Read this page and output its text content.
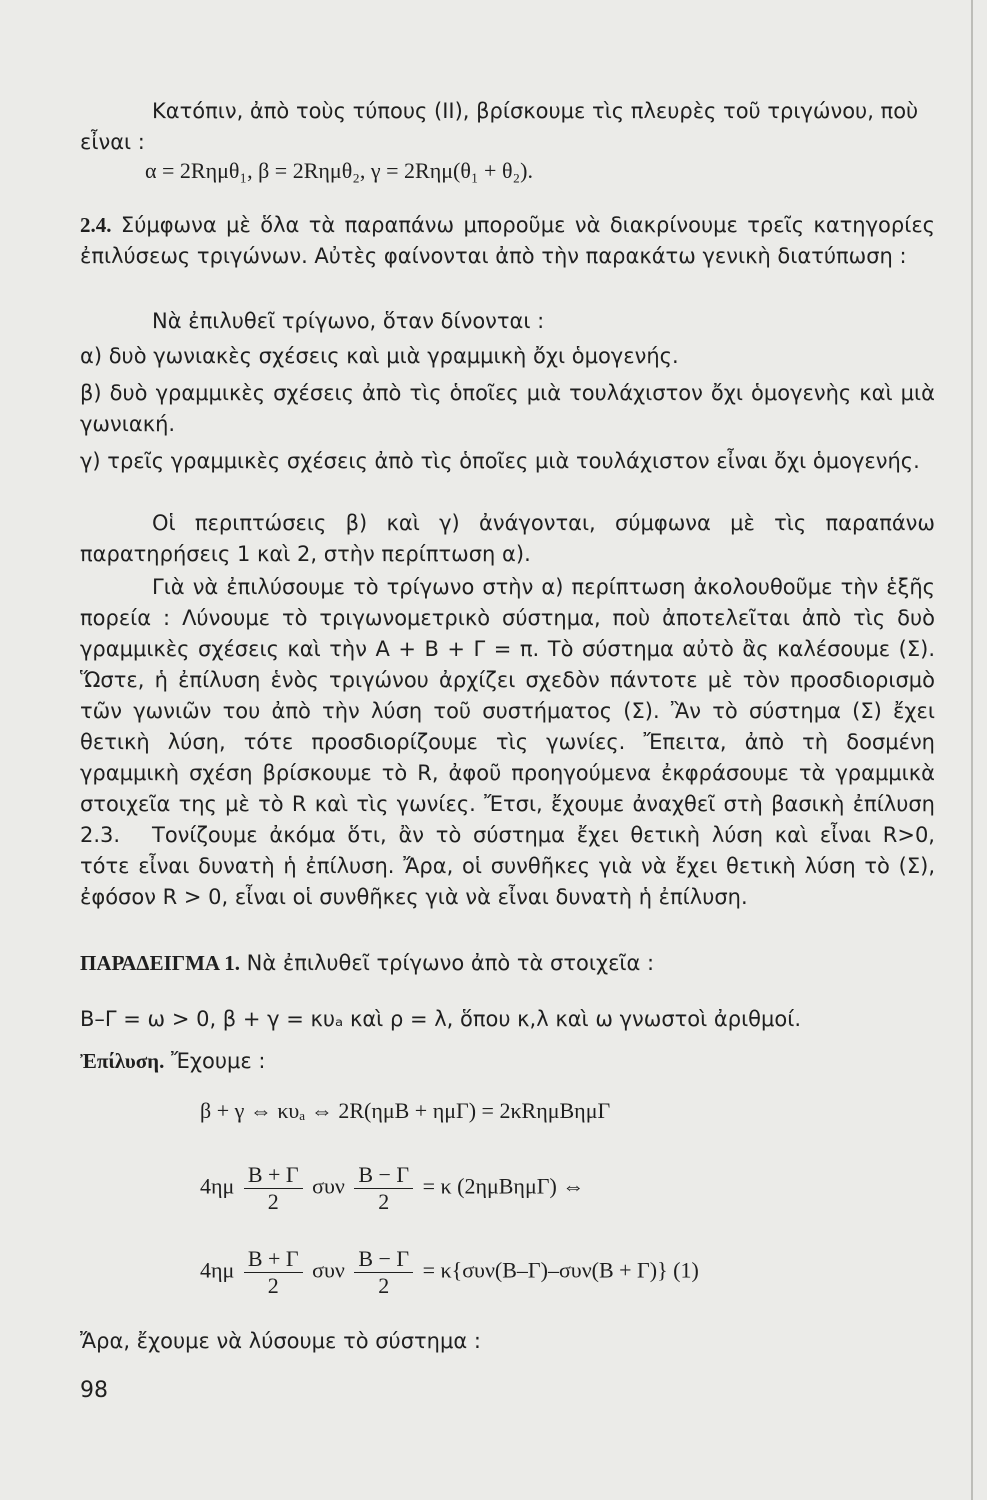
Κατόπιν, ἀπὸ τοὺς τύπους (II), βρίσκουμε τὶς πλευρὲς τοῦ τριγώνου, ποὺ

εἶναι :

α = 2Rημθ₁, β = 2Rημθ₂, γ = 2Rημ(θ₁ + θ₂).

2.4. Σύμφωνα μὲ ὅλα τὰ παραπάνω μποροῦμε νὰ διακρίνουμε τρεῖς κατηγορίες ἐπιλύσεως τριγώνων. Αὐτὲς φαίνονται ἀπὸ τὴν παρακάτω γενικὴ διατύπωση :

Νὰ ἐπιλυθεῖ τρίγωνο, ὅταν δίνονται :

α) δυὸ γωνιακὲς σχέσεις καὶ μιὰ γραμμικὴ ὄχι ὁμογενής.

β) δυὸ γραμμικὲς σχέσεις ἀπὸ τὶς ὁποῖες μιὰ τουλάχιστον ὄχι ὁμογενὴς καὶ μιὰ γωνιακή.

γ) τρεῖς γραμμικὲς σχέσεις ἀπὸ τὶς ὁποῖες μιὰ τουλάχιστον εἶναι ὄχι ὁμογενής.

Οἱ περιπτώσεις β) καὶ γ) ἀνάγονται, σύμφωνα μὲ τὶς παραπάνω παρατηρήσεις 1 καὶ 2, στὴν περίπτωση α).

Γιὰ νὰ ἐπιλύσουμε τὸ τρίγωνο στὴν α) περίπτωση ἀκολουθοῦμε τὴν ἑξῆς πορεία : Λύνουμε τὸ τριγωνομετρικὸ σύστημα, ποὺ ἀποτελεῖται ἀπὸ τὶς δυὸ γραμμικὲς σχέσεις καὶ τὴν A + B + Γ = π. Τὸ σύστημα αὐτὸ ἂς καλέσουμε (Σ). Ὥστε, ἡ ἐπίλυση ἑνὸς τριγώνου ἀρχίζει σχεδὸν πάντοτε μὲ τὸν προσδιορισμὸ τῶν γωνιῶν του ἀπὸ τὴν λύση τοῦ συστήματος (Σ). Ἂν τὸ σύστημα (Σ) ἔχει θετικὴ λύση, τότε προσδιορίζουμε τὶς γωνίες. Ἔπειτα, ἀπὸ τὴ δοσμένη γραμμικὴ σχέση βρίσκουμε τὸ R, ἀφοῦ προηγούμενα ἐκφράσουμε τὰ γραμμικὰ στοιχεῖα της μὲ τὸ R καὶ τὶς γωνίες. Ἔτσι, ἔχουμε ἀναχθεῖ στὴ βασικὴ ἐπίλυση 2.3.	Τονίζουμε ἀκόμα ὅτι, ἂν τὸ σύστημα ἔχει θετικὴ λύση καὶ εἶναι R>0, τότε εἶναι δυνατὴ ἡ ἐπίλυση. Ἄρα, οἱ συνθῆκες γιὰ νὰ ἔχει θετικὴ λύση τὸ (Σ), ἐφόσον R > 0, εἶναι οἱ συνθῆκες γιὰ νὰ εἶναι δυνατὴ ἡ ἐπίλυση.

ΠΑΡΑΔΕΙΓΜΑ 1. Νὰ ἐπιλυθεῖ τρίγωνο ἀπὸ τὰ στοιχεῖα :

B–Γ = ω > 0, β + γ = κυₐ καὶ ρ = λ, ὅπου κ,λ καὶ ω γνωστοὶ ἀριθμοί.

Ἐπίλυση. Ἔχουμε :

β + γ ⇔ κυₐ ⇔ 2R(ημB + ημΓ) = 2κRημBημΓ
$4\eta\mu \frac{B + \Gamma}{2}$ συν $\frac{B - \Gamma}{2} = \kappa$ (2ημBημΓ) ⇔
$4\eta\mu \frac{B + \Gamma}{2}$ συν $\frac{B - \Gamma}{2} = \kappa\{\sigma\upsilon\nu(B-\Gamma)-\sigma\upsilon\nu(B + \Gamma)\}$ (1)

Ἄρα, ἔχουμε νὰ λύσουμε τὸ σύστημα :

98
